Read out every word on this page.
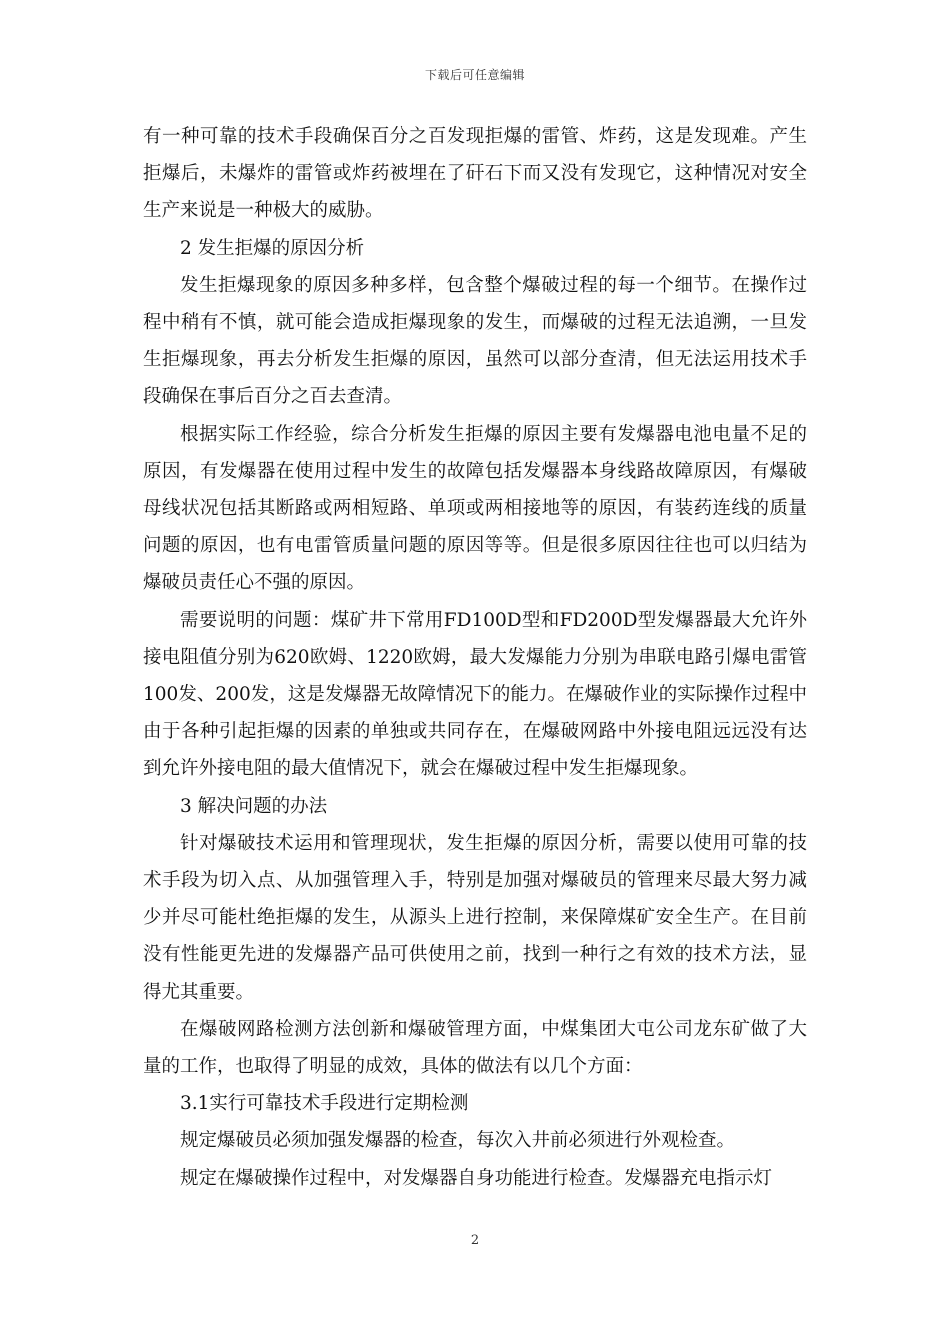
下载后可任意编辑

有一种可靠的技术手段确保百分之百发现拒爆的雷管、炸药，这是发现难。产生拒爆后，未爆炸的雷管或炸药被埋在了矸石下而又没有发现它，这种情况对安全生产来说是一种极大的威胁。

2 发生拒爆的原因分析

发生拒爆现象的原因多种多样，包含整个爆破过程的每一个细节。在操作过程中稍有不慎，就可能会造成拒爆现象的发生，而爆破的过程无法追溯，一旦发生拒爆现象，再去分析发生拒爆的原因，虽然可以部分查清，但无法运用技术手段确保在事后百分之百去查清。

根据实际工作经验，综合分析发生拒爆的原因主要有发爆器电池电量不足的原因，有发爆器在使用过程中发生的故障包括发爆器本身线路故障原因，有爆破母线状况包括其断路或两相短路、单项或两相接地等的原因，有装药连线的质量问题的原因，也有电雷管质量问题的原因等等。但是很多原因往往也可以归结为爆破员责任心不强的原因。

需要说明的问题：煤矿井下常用FD100D型和FD200D型发爆器最大允许外接电阻值分别为620欧姆、1220欧姆，最大发爆能力分别为串联电路引爆电雷管100发、200发，这是发爆器无故障情况下的能力。在爆破作业的实际操作过程中由于各种引起拒爆的因素的单独或共同存在，在爆破网路中外接电阻远远没有达到允许外接电阻的最大值情况下，就会在爆破过程中发生拒爆现象。

3 解决问题的办法

针对爆破技术运用和管理现状，发生拒爆的原因分析，需要以使用可靠的技术手段为切入点、从加强管理入手，特别是加强对爆破员的管理来尽最大努力减少并尽可能杜绝拒爆的发生，从源头上进行控制，来保障煤矿安全生产。在目前没有性能更先进的发爆器产品可供使用之前，找到一种行之有效的技术方法，显得尤其重要。

在爆破网路检测方法创新和爆破管理方面，中煤集团大屯公司龙东矿做了大量的工作，也取得了明显的成效，具体的做法有以几个方面：

3.1实行可靠技术手段进行定期检测

规定爆破员必须加强发爆器的检查，每次入井前必须进行外观检查。

规定在爆破操作过程中，对发爆器自身功能进行检查。发爆器充电指示灯

2
